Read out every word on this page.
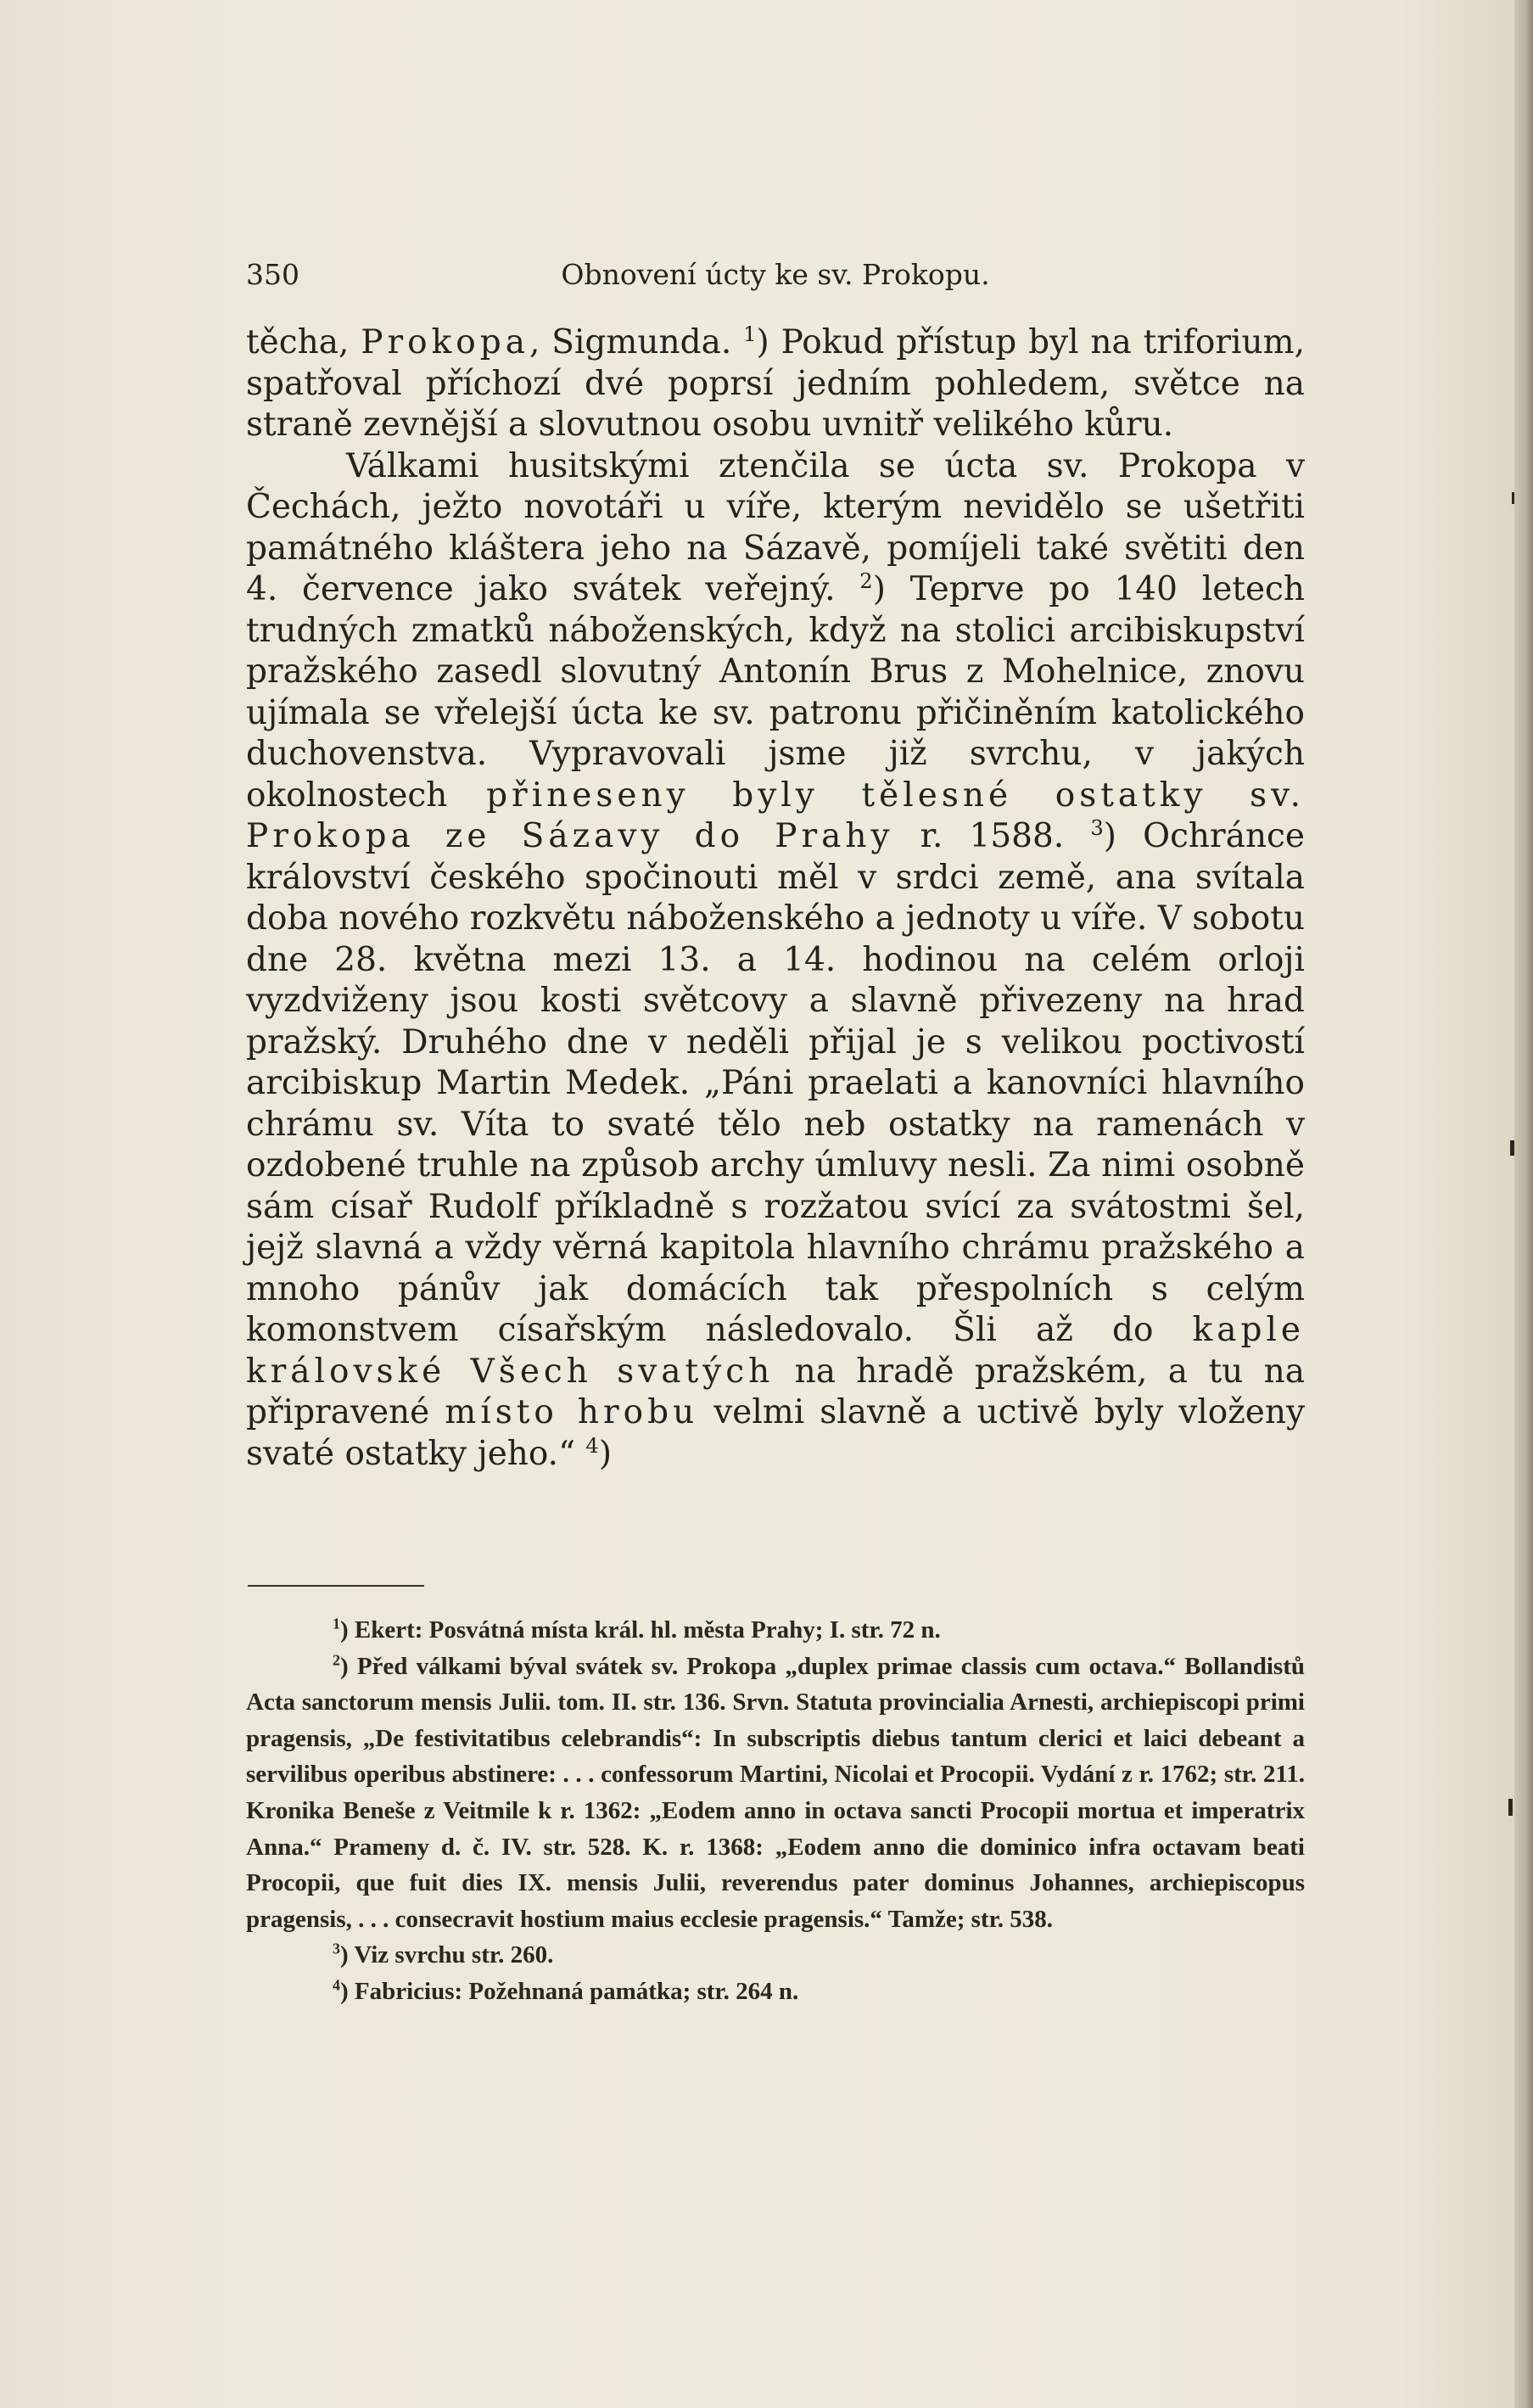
350	Obnovení úcty ke sv. Prokopu.

těcha, Prokopa, Sigmunda. $^1$) Pokud přístup byl na triforium, spatřoval příchozí dvé poprsí jedním pohledem, světce na straně zevnější a slovutnou osobu uvnitř velikého kůru.

Válkami husitskými ztenčila se úcta sv. Prokopa v Čechách, ježto novotáři u víře, kterým nevidělo se ušetřiti památného kláštera jeho na Sázavě, pomíjeli také světiti den 4. července jako svátek veřejný. $^2$) Teprve po 140 letech trudných zmatků náboženských, když na stolici arcibiskupství pražského zasedl slovutný Antonín Brus z Mohelnice, znovu ujímala se vřelejší úcta ke sv. patronu přičiněním katolického duchovenstva. Vypravovali jsme již svrchu, v jakých okolnostech přineseny byly tělesné ostatky sv. Prokopa ze Sázavy do Prahy r. 1588. $^3$) Ochránce království českého spočinouti měl v srdci země, ana svítala doba nového rozkvětu náboženského a jednoty u víře. V sobotu dne 28. května mezi 13. a 14. hodinou na celém orloji vyzdviženy jsou kosti světcovy a slavně přivezeny na hrad pražský. Druhého dne v neděli přijal je s velikou poctivostí arcibiskup Martin Medek. „Páni praelati a kanovníci hlavního chrámu sv. Víta to svaté tělo neb ostatky na ramenách v ozdobené truhle na způsob archy úmluvy nesli. Za nimi osobně sám císař Rudolf příkladně s rozžatou svící za svátostmi šel, jejž slavná a vždy věrná kapitola hlavního chrámu pražského a mnoho pánův jak domácích tak přespolních s celým komonstvem císařským následovalo. Šli až do kaple královské Všech svatých na hradě pražském, a tu na připravené místo hrobu velmi slavně a uctivě byly vloženy svaté ostatky jeho.“ $^4$)

$^1$) Ekert: Posvátná místa král. hl. města Prahy; I. str. 72 n.

$^2$) Před válkami býval svátek sv. Prokopa „duplex primae classis cum octava.“ Bollandistů Acta sanctorum mensis Julii. tom. II. str. 136. Srvn. Statuta provincialia Arnesti, archiepiscopi primi pragensis, „De festivitatibus celebrandis“: In subscriptis diebus tantum clerici et laici debeant a servilibus operibus abstinere: . . . confessorum Martini, Nicolai et Procopii. Vydání z r. 1762; str. 211. Kronika Beneše z Veitmile k r. 1362: „Eodem anno in octava sancti Procopii mortua et imperatrix Anna.“ Prameny d. č. IV. str. 528. K. r. 1368: „Eodem anno die dominico infra octavam beati Procopii, que fuit dies IX. mensis Julii, reverendus pater dominus Johannes, archiepiscopus pragensis, . . . consecravit hostium maius ecclesie pragensis.“ Tamže; str. 538.

$^3$) Viz svrchu str. 260.

$^4$) Fabricius: Požehnaná památka; str. 264 n.
